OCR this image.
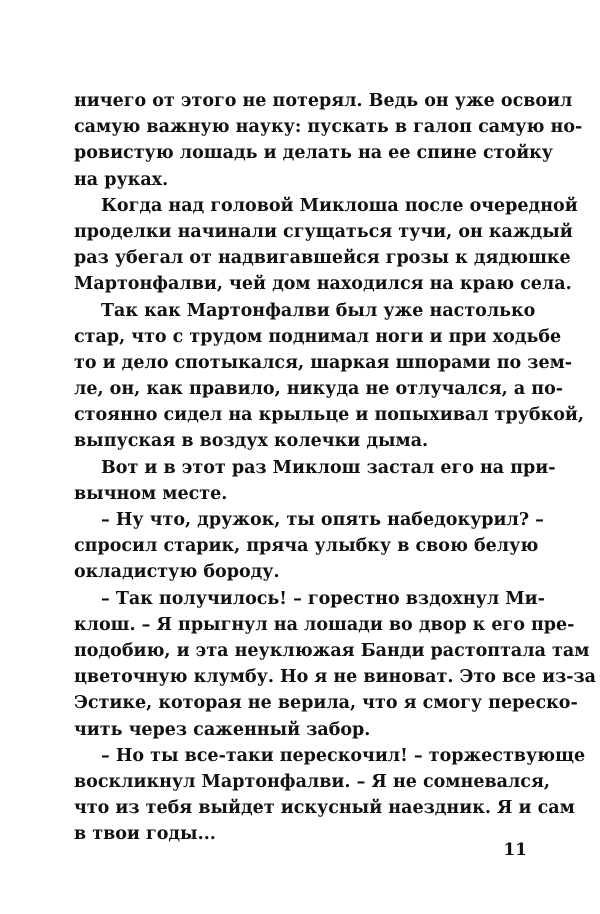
ничего от этого не потерял. Ведь он уже освоил
самую важную науку: пускать в галоп самую но-
ровистую лошадь и делать на ее спине стойку
на руках.
Когда над головой Миклоша после очередной
проделки начинали сгущаться тучи, он каждый
раз убегал от надвигавшейся грозы к дядюшке
Мартонфалви, чей дом находился на краю села.
Так как Мартонфалви был уже настолько
стар, что с трудом поднимал ноги и при ходьбе
то и дело спотыкался, шаркая шпорами по зем-
ле, он, как правило, никуда не отлучался, а по-
стоянно сидел на крыльце и попыхивал трубкой,
выпуская в воздух колечки дыма.
Вот и в этот раз Миклош застал его на при-
вычном месте.
– Ну что, дружок, ты опять набедокурил? –
спросил старик, пряча улыбку в свою белую
окладистую бороду.
– Так получилось! – горестно вздохнул Ми-
клош. – Я прыгнул на лошади во двор к его пре-
подобию, и эта неуклюжая Банди растоптала там
цветочную клумбу. Но я не виноват. Это все из-за
Эстике, которая не верила, что я смогу переско-
чить через саженный забор.
– Но ты все-таки перескочил! – торжествующе
воскликнул Мартонфалви. – Я не сомневался,
что из тебя выйдет искусный наездник. Я и сам
в твои годы...
11
